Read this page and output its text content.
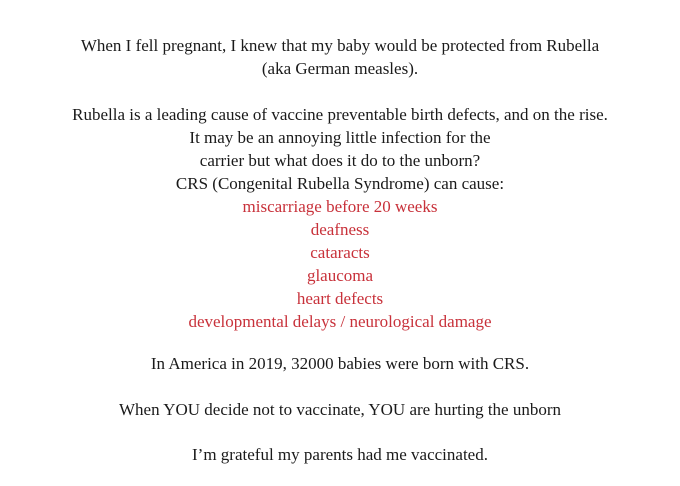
When I fell pregnant, I knew that my baby would be protected from Rubella
(aka German measles).
Rubella is a leading cause of vaccine preventable birth defects, and on the rise.
It may be an annoying little infection for the
carrier but what does it do to the unborn?
CRS (Congenital Rubella Syndrome) can cause:
miscarriage before 20 weeks
deafness
cataracts
glaucoma
heart defects
developmental delays / neurological damage
In America in 2019, 32000 babies were born with CRS.
When YOU decide not to vaccinate, YOU are hurting the unborn
I’m grateful my parents had me vaccinated.
